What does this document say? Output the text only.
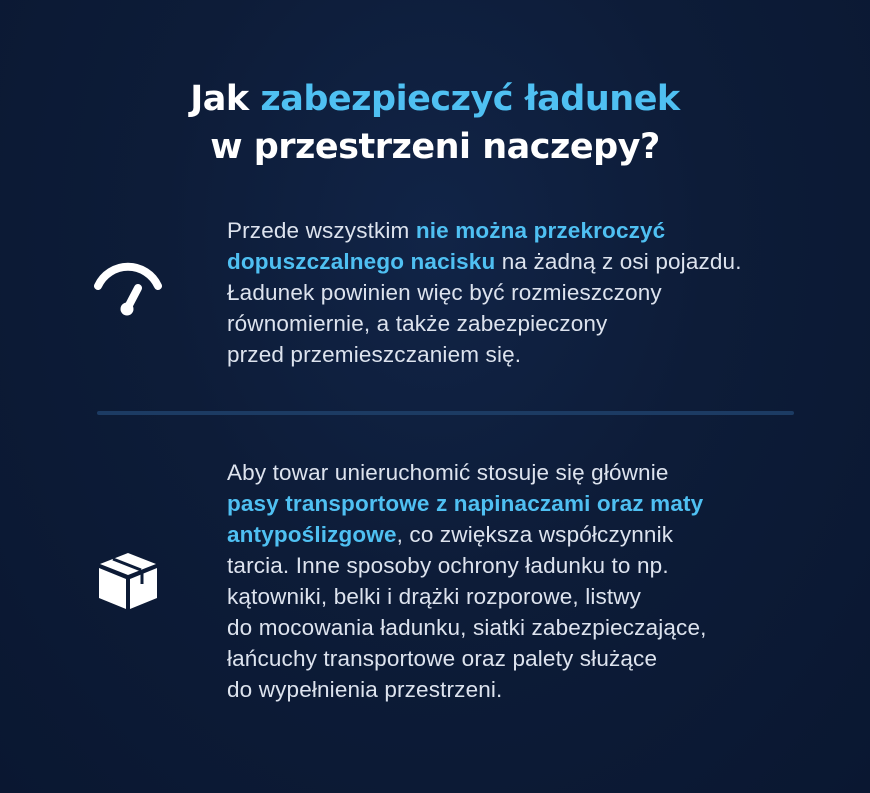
Jak zabezpieczyć ładunek
w przestrzeni naczepy?
Przede wszystkim nie można przekroczyć
dopuszczalnego nacisku na żadną z osi pojazdu.
Ładunek powinien więc być rozmieszczony
równomiernie, a także zabezpieczony
przed przemieszczaniem się.
Aby towar unieruchomić stosuje się głównie
pasy transportowe z napinaczami oraz maty
antypoślizgowe, co zwiększa współczynnik
tarcia. Inne sposoby ochrony ładunku to np.
kątowniki, belki i drążki rozporowe, listwy
do mocowania ładunku, siatki zabezpieczające,
łańcuchy transportowe oraz palety służące
do wypełnienia przestrzeni.
